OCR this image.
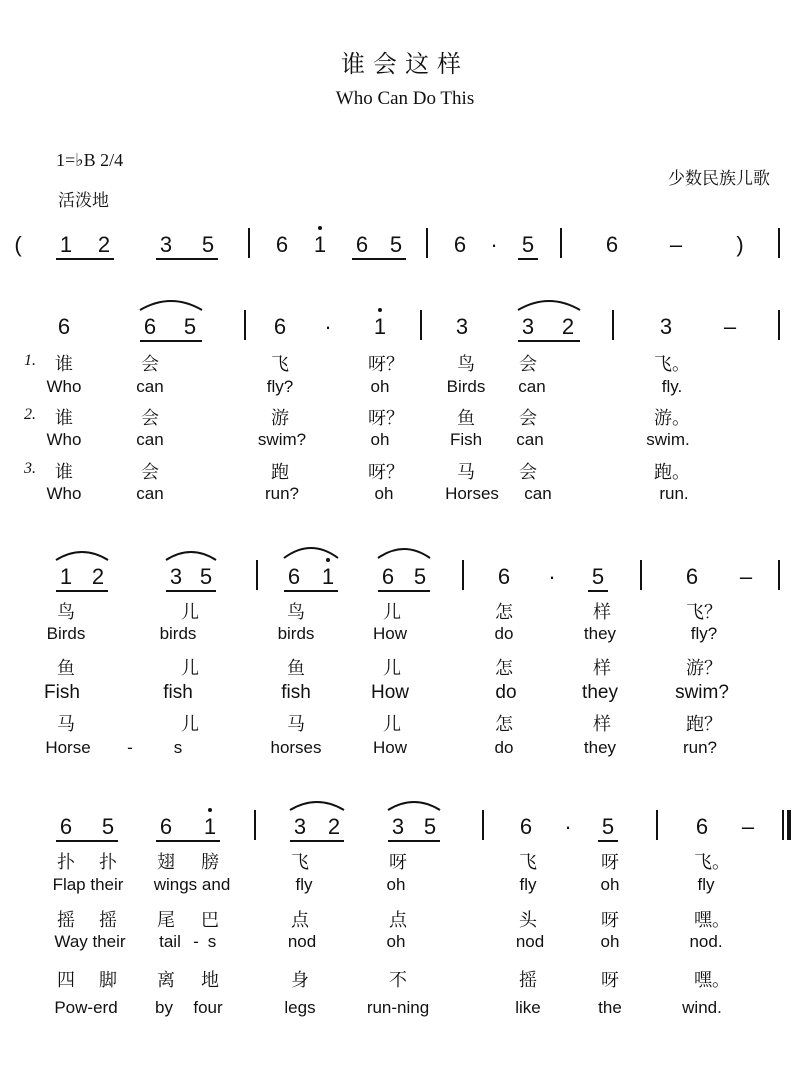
谁会这样
Who Can Do This
1=♭B 2/4
活泼地
少数民族儿歌
( 1 2 3 5	6 1 6 5 6 · 5	6 – )
6	6 5	6 · 1	3 3 2	3 –
1. 谁	会	飞	呀？	鸟 会	飞。
Who	can	fly?	oh	Birds can	fly.
2. 谁	会	游	呀？	鱼 会	游。
Who	can	swim?	oh	Fish can	swim.
3. 谁	会	跑	呀？	马 会	跑。
Who	can	run?	oh	Horses can	run.
1 2	3 5	6 1 6 5	6 · 5	6 –
鸟	儿	鸟	儿	怎	样	飞？
Birds	birds	birds	How	do	they	fly?
鱼	儿	鱼	儿	怎	样	游？
Fish	fish	fish	How	do	they	swim?
马	儿	马	儿	怎	样	跑？
Horse - s	horses	How	do	they	run?
6 5 6 1	3 2 3 5	6 · 5	6 –
扑 扑 翅 膀	飞	呀	飞	呀	飞。
Flap their wings and	fly	oh	fly	oh	fly
摇 摇 尾 巴	点	点	头	呀	嘿。
Way their tail - s	nod	oh	nod	oh	nod.
四 脚 离 地	身	不	摇	呀	嘿。
Pow-erd by four	legs	run-ning	like	the	wind.
